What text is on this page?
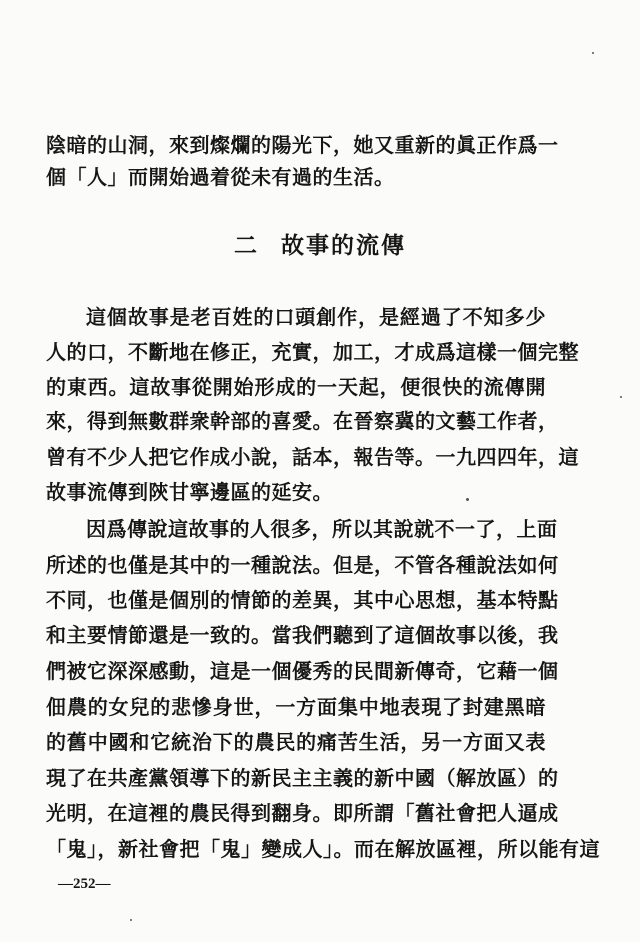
陰暗的山洞，來到燦爛的陽光下，她又重新的眞正作爲一
個「人」而開始過着從未有過的生活。
二 故事的流傳
這個故事是老百姓的口頭創作，是經過了不知多少
人的口，不斷地在修正，充實，加工，才成爲這樣一個完整
的東西。這故事從開始形成的一天起，便很快的流傳開
來，得到無數群衆幹部的喜愛。在晉察冀的文藝工作者，
曾有不少人把它作成小說，話本，報告等。一九四四年，這
故事流傳到陝甘寧邊區的延安。
因爲傳說這故事的人很多，所以其說就不一了，上面
所述的也僅是其中的一種說法。但是，不管各種說法如何
不同，也僅是個別的情節的差異，其中心思想，基本特點
和主要情節還是一致的。當我們聽到了這個故事以後，我
們被它深深感動，這是一個優秀的民間新傳奇，它藉一個
佃農的女兒的悲慘身世，一方面集中地表現了封建黑暗
的舊中國和它統治下的農民的痛苦生活，另一方面又表
現了在共產黨領導下的新民主主義的新中國（解放區）的
光明，在這裡的農民得到翻身。即所謂「舊社會把人逼成
「鬼」，新社會把「鬼」變成人」。而在解放區裡，所以能有這
—252—
